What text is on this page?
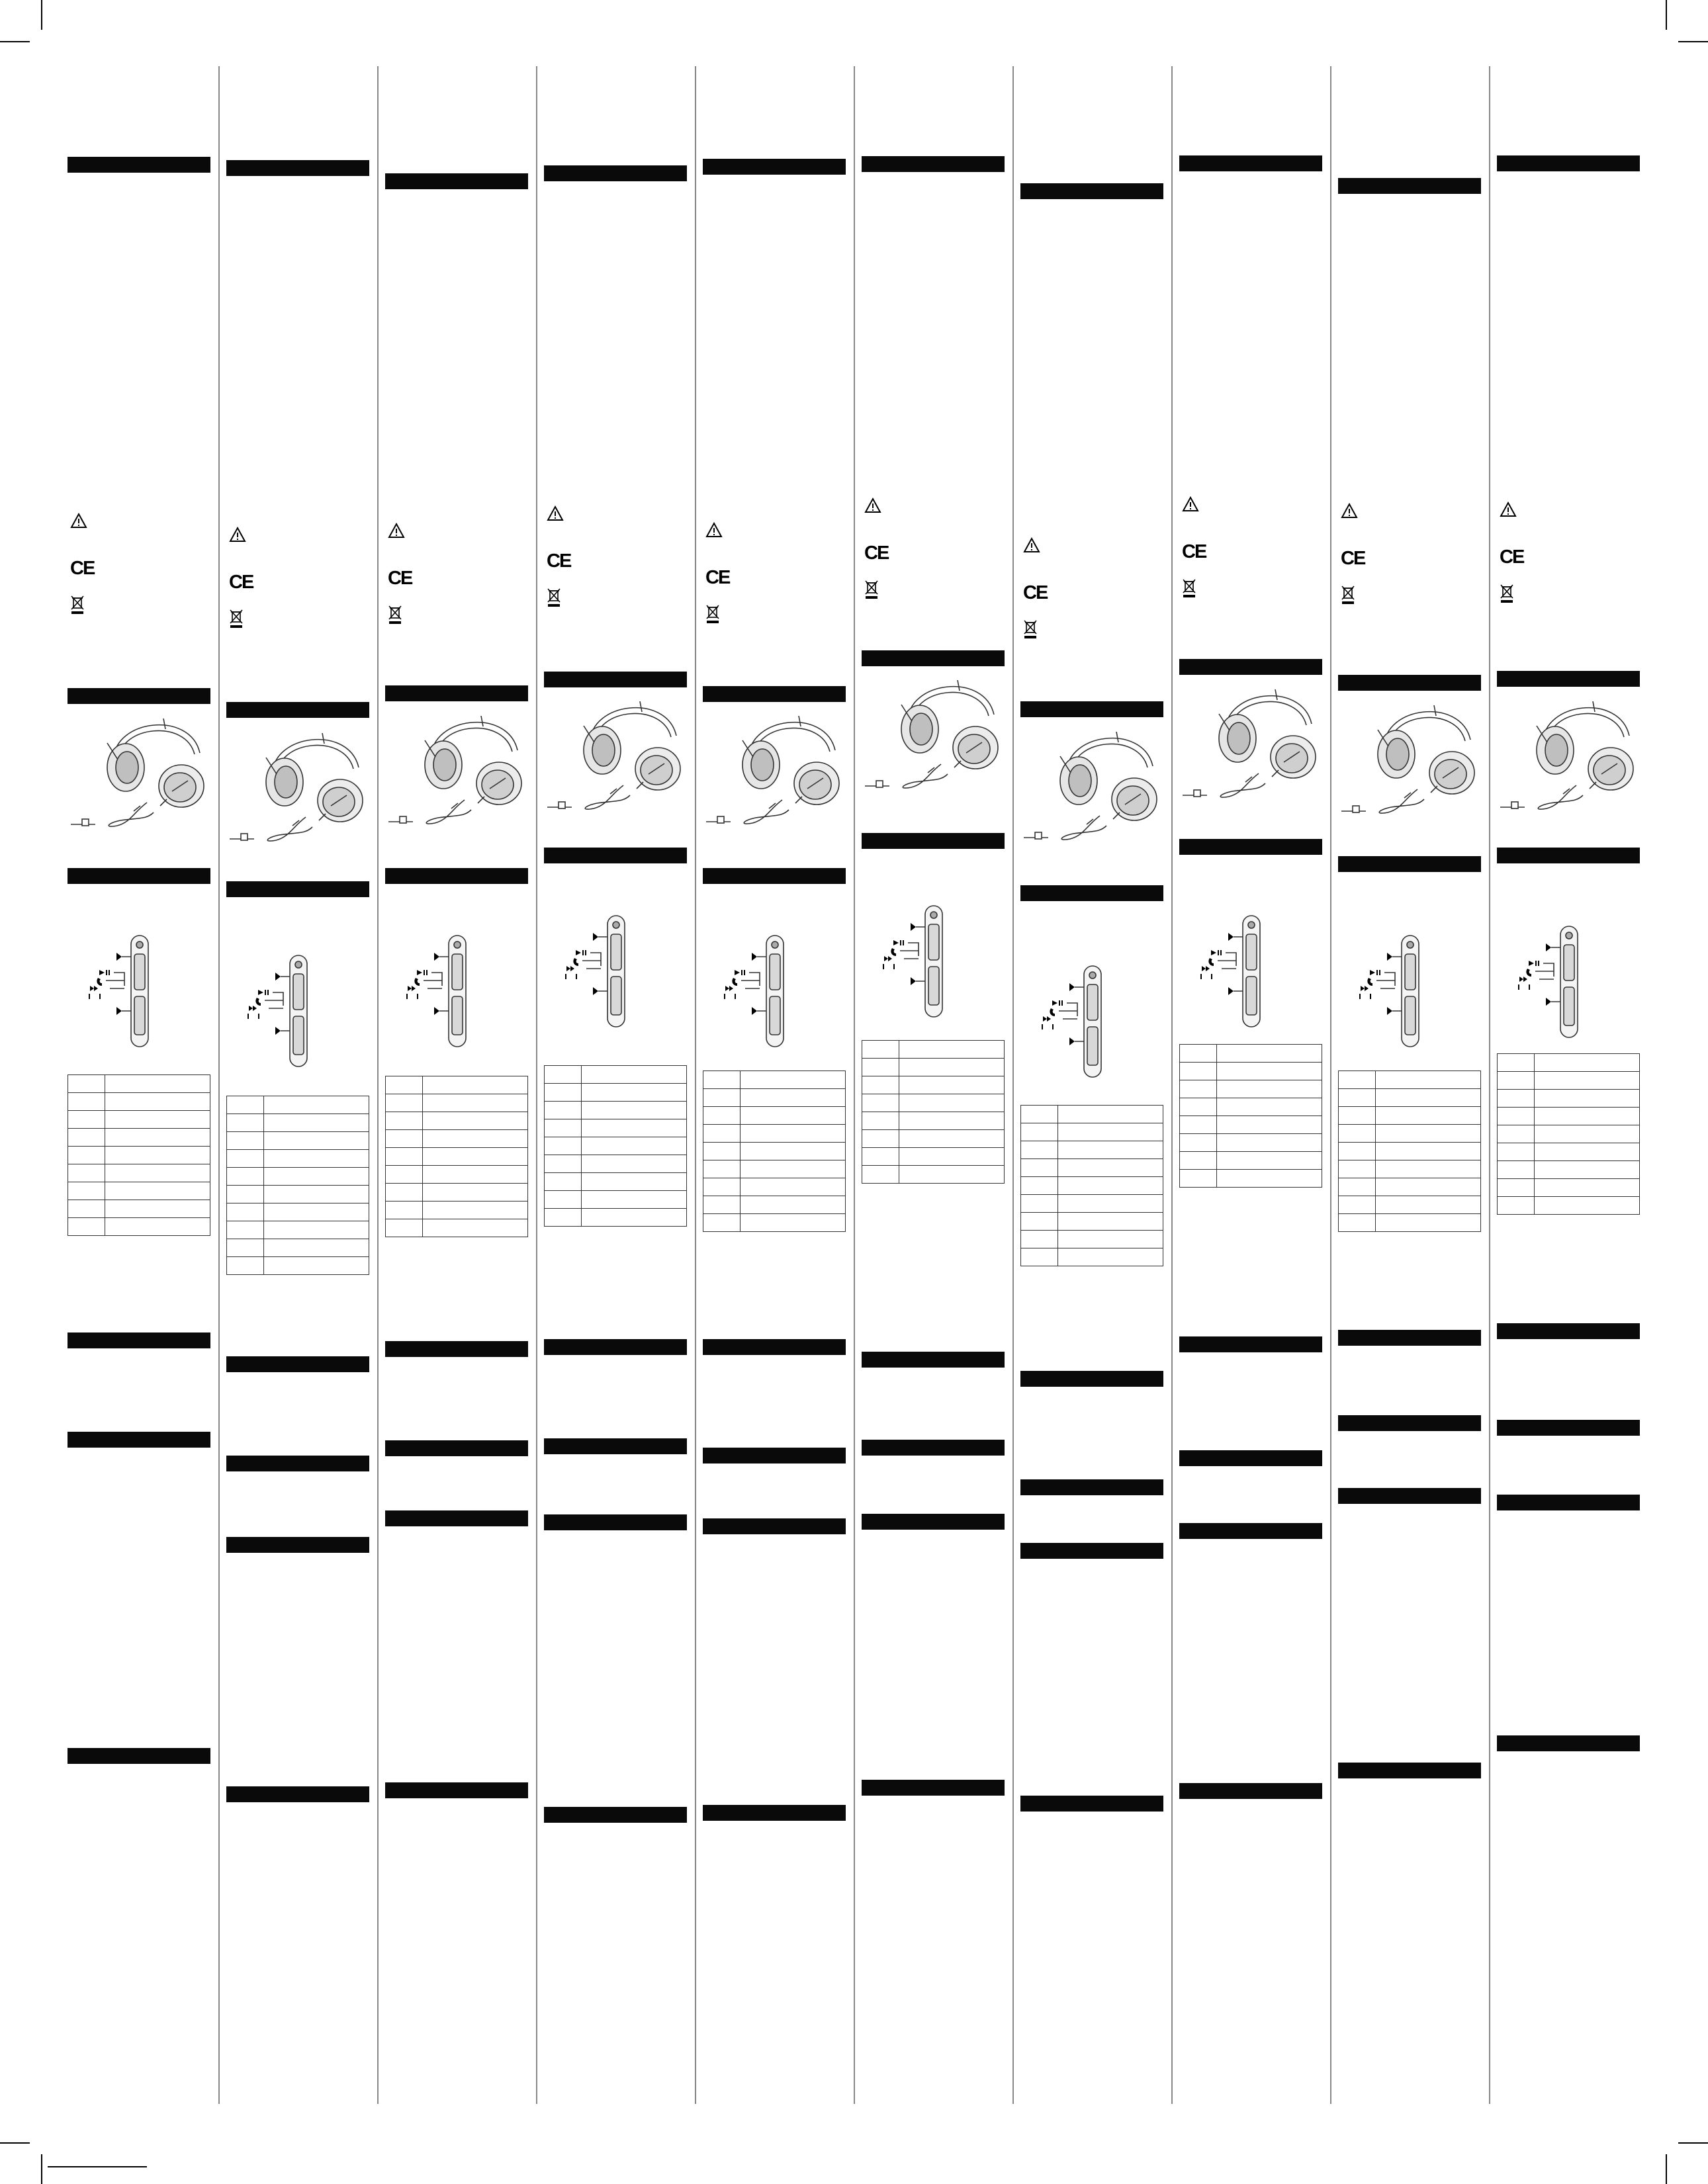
CE

CE

		CE

CE

CE

CE

CE

CE

		CE

		CE
